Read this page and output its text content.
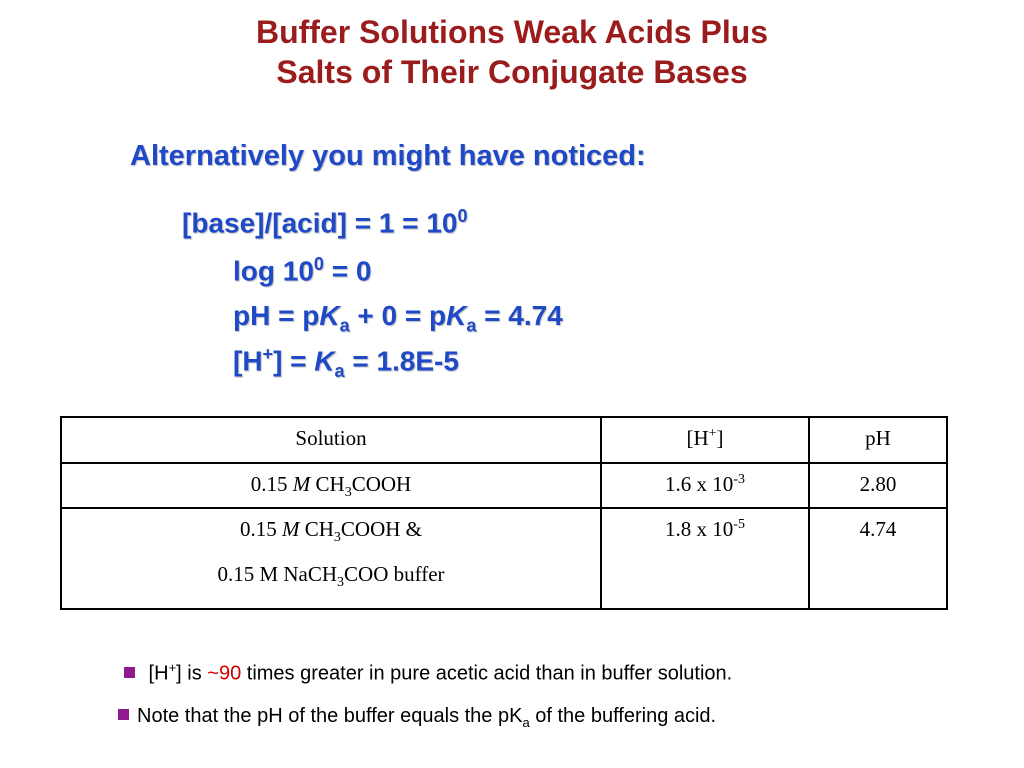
Buffer Solutions Weak Acids Plus
Salts of Their Conjugate Bases
Alternatively you might have noticed:
[base]/[acid] = $1 = 10^0$
$\log 10^0 = 0$
pH = $pK_a + 0 = pK_a = 4.74$
$[H^+] = K_a = 1.8E-5$
Solution	[H+]	pH
0.15 M $CH_3COOH$	1.6 x $10^{-3}$	2.80

0.15 M $CH_3COOH$ &
0.15 M NaCH$_3$COO buffer	1.8 x $10^{-5}$	4.74
[H+] is ~90 times greater in pure acetic acid than in buffer solution.
Note that the pH of the buffer equals the $pK_a$ of the buffering acid.
